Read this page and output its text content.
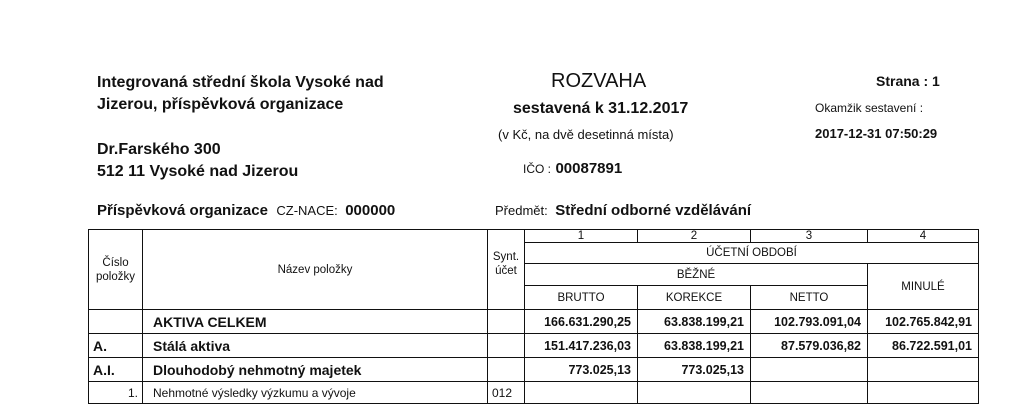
Integrovaná střední škola Vysoké nad
Jizerou, příspěvková organizace
Dr.Farského 300
512 11 Vysoké nad Jizerou
ROZVAHA
sestavená k 31.12.2017
(v Kč, na dvě desetinná místa)
IČO : 00087891
Strana : 1
Okamžik sestavení :
2017-12-31 07:50:29
Příspěvková organizace CZ-NACE: 000000	Předmět: Střední odborné vzdělávání
Číslo položky	Název položky	Synt. účet	1	2	3	4
			ÚČETNÍ OBDOBÍ			
			BĚŽNÉ			MINULÉ
			BRUTTO	KOREKCE	NETTO	
	AKTIVA CELKEM		166.631.290,25	63.838.199,21	102.793.091,04	102.765.842,91
A.	Stálá aktiva		151.417.236,03	63.838.199,21	87.579.036,82	86.722.591,01
A.I.	Dlouhodobý nehmotný majetek		773.025,13	773.025,13		
1.	Nehmotné výsledky výzkumu a vývoje	012				
